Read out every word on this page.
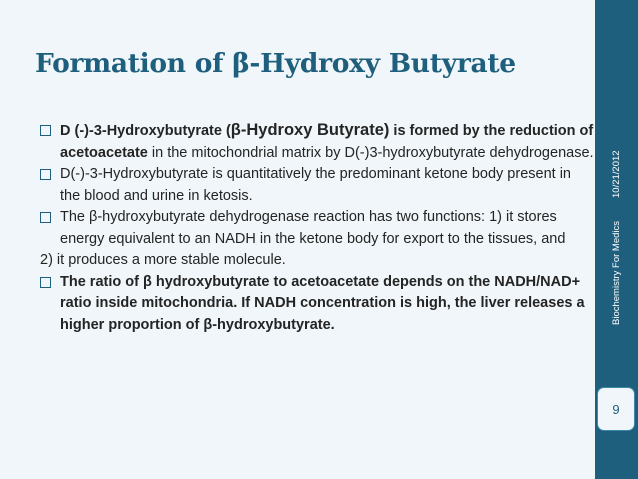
10/21/2012
Biochemistry For Medics
9
Formation of β-Hydroxy Butyrate
D (-)-3-Hydroxybutyrate (β-Hydroxy Butyrate) is formed by the reduction of acetoacetate in the mitochondrial matrix by D(-)3-hydroxybutyrate dehydrogenase.
D(-)-3-Hydroxybutyrate is quantitatively the predominant ketone body present in the blood and urine in ketosis.
The β-hydroxybutyrate dehydrogenase reaction has two functions: 1) it stores energy equivalent to an NADH in the ketone body for export to the tissues, and
2) it produces a more stable molecule.
The ratio of β hydroxybutyrate to acetoacetate depends on the NADH/NAD+ ratio inside mitochondria. If NADH concentration is high, the liver releases a higher proportion of β-hydroxybutyrate.
